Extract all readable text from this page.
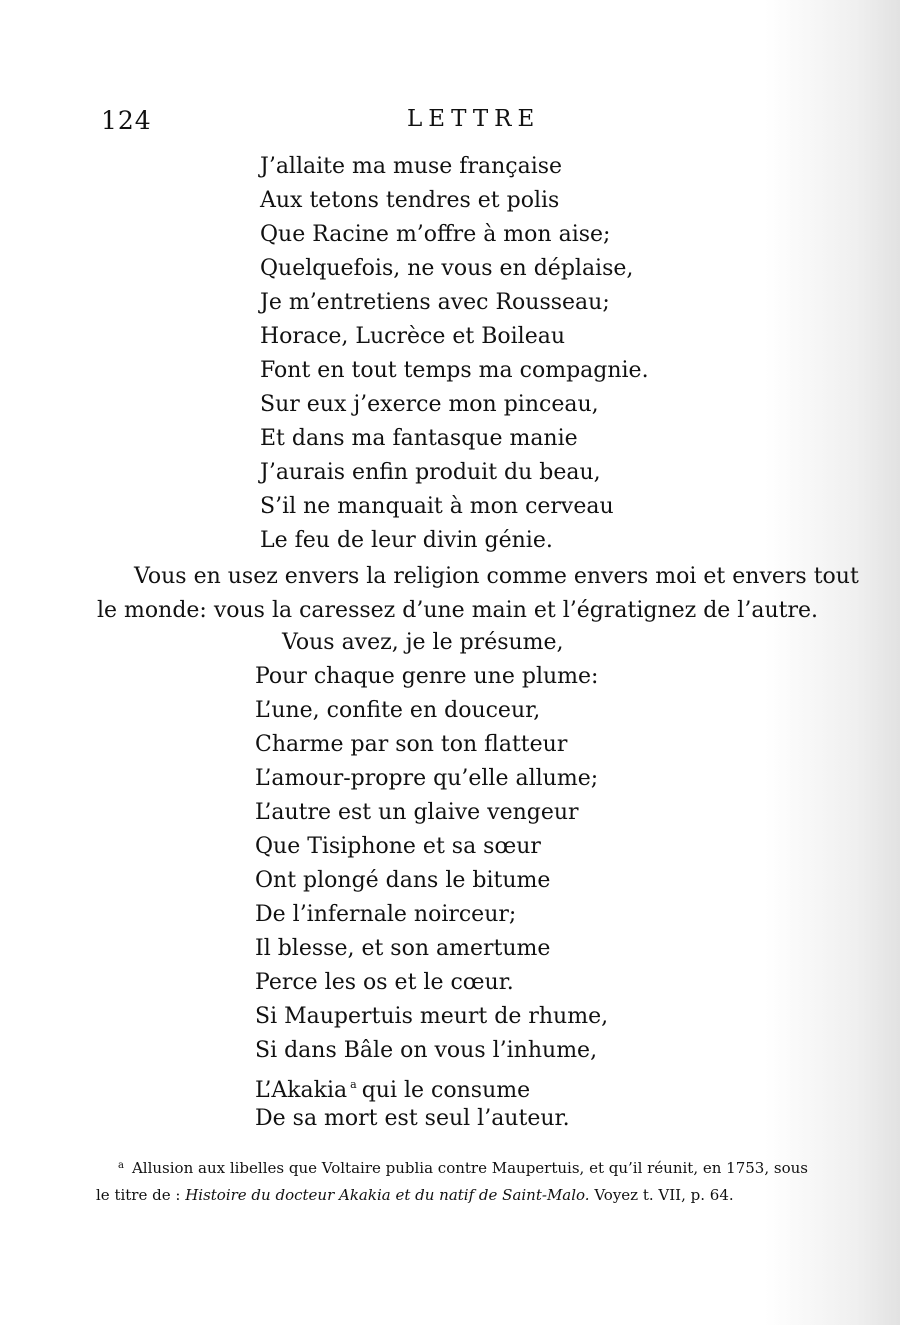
124	LETTRE
J’allaite ma muse française
Aux tetons tendres et polis
Que Racine m’offre à mon aise;
Quelquefois, ne vous en déplaise,
Je m’entretiens avec Rousseau;
Horace, Lucrèce et Boileau
Font en tout temps ma compagnie.
Sur eux j’exerce mon pinceau,
Et dans ma fantasque manie
J’aurais enfin produit du beau,
S’il ne manquait à mon cerveau
Le feu de leur divin génie.
Vous en usez envers la religion comme envers moi et envers tout
le monde: vous la caressez d’une main et l’égratignez de l’autre.
Vous avez, je le présume,
Pour chaque genre une plume:
L’une, confite en douceur,
Charme par son ton flatteur
L’amour-propre qu’elle allume;
L’autre est un glaive vengeur
Que Tisiphone et sa sœur
Ont plongé dans le bitume
De l’infernale noirceur;
Il blesse, et son amertume
Perce les os et le cœur.
Si Maupertuis meurt de rhume,
Si dans Bâle on vous l’inhume,
L’Akakia $^a$ qui le consume
De sa mort est seul l’auteur.
$^a$ Allusion aux libelles que Voltaire publia contre Maupertuis, et qu’il réunit, en 1753, sous
le titre de : Histoire du docteur Akakia et du natif de Saint-Malo. Voyez t. VII, p. 64.
